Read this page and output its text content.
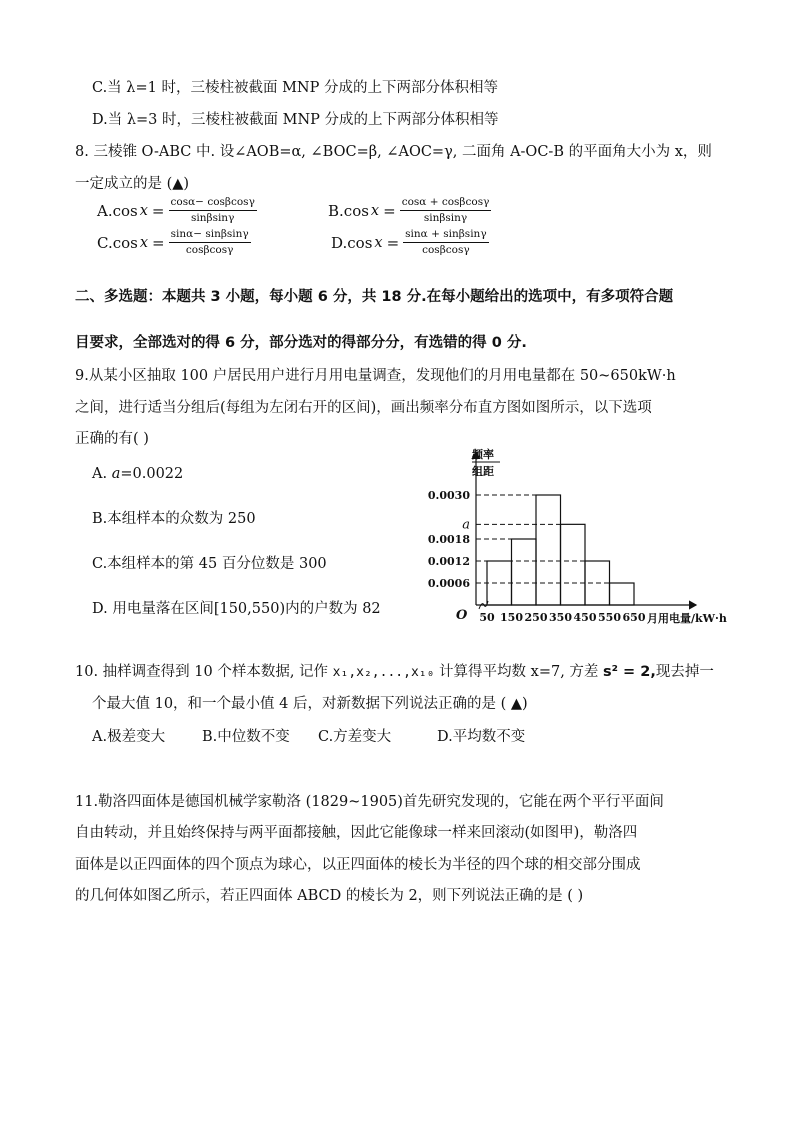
C.当 λ=1 时，三棱柱被截面 MNP 分成的上下两部分体积相等
D.当 λ=3 时，三棱柱被截面 MNP 分成的上下两部分体积相等
8. 三棱锥 O-ABC 中. 设∠AOB=α, ∠BOC=β, ∠AOC=γ, 二面角 A-OC-B 的平面角大小为 x，则
一定成立的是 (▲)
A.cos $x = \frac{\cos\alpha- \cos\beta\cos\gamma}{\sin\beta\sin\gamma}$	B.cos $x = \frac{\cos\alpha + \cos\beta\cos\gamma}{\sin\beta\sin\gamma}$
C.cos $x = \frac{\sin\alpha- \sin\beta\sin\gamma}{\cos\beta\cos\gamma}$	D.cos $x = \frac{\sin\alpha + \sin\beta\sin\gamma}{\cos\beta\cos\gamma}$
二、多选题：本题共 3 小题，每小题 6 分，共 18 分.在每小题给出的选项中，有多项符合题
目要求，全部选对的得 6 分，部分选对的得部分分，有选错的得 0 分.
9.从某小区抽取 100 户居民用户进行月用电量调查，发现他们的月用电量都在 50~650kW·h
之间，进行适当分组后(每组为左闭右开的区间)，画出频率分布直方图如图所示，以下选项
正确的有( )
A. a=0.0022
B.本组样本的众数为 250
C.本组样本的第 45 百分位数是 300
D. 用电量落在区间[150,550)内的户数为 82
0.0030
a
0.0018
0.0012
0.0006
50 150 250 350 450 550 650
频率
组距
月用电量/kW·h
O
10. 抽样调查得到 10 个样本数据, 记作 x₁,x₂,...,x₁₀ 计算得平均数 x=7, 方差 s² = 2,现去掉一
个最大值 10，和一个最小值 4 后，对新数据下列说法正确的是 ( ▲)
A.极差变大	B.中位数不变 C.方差变大	D.平均数不变
11.勒洛四面体是德国机械学家勒洛 (1829~1905)首先研究发现的，它能在两个平行平面间
自由转动，并且始终保持与两平面都接触，因此它能像球一样来回滚动(如图甲)，勒洛四
面体是以正四面体的四个顶点为球心，以正四面体的棱长为半径的四个球的相交部分围成
的几何体如图乙所示，若正四面体 ABCD 的棱长为 2，则下列说法正确的是 ( )
